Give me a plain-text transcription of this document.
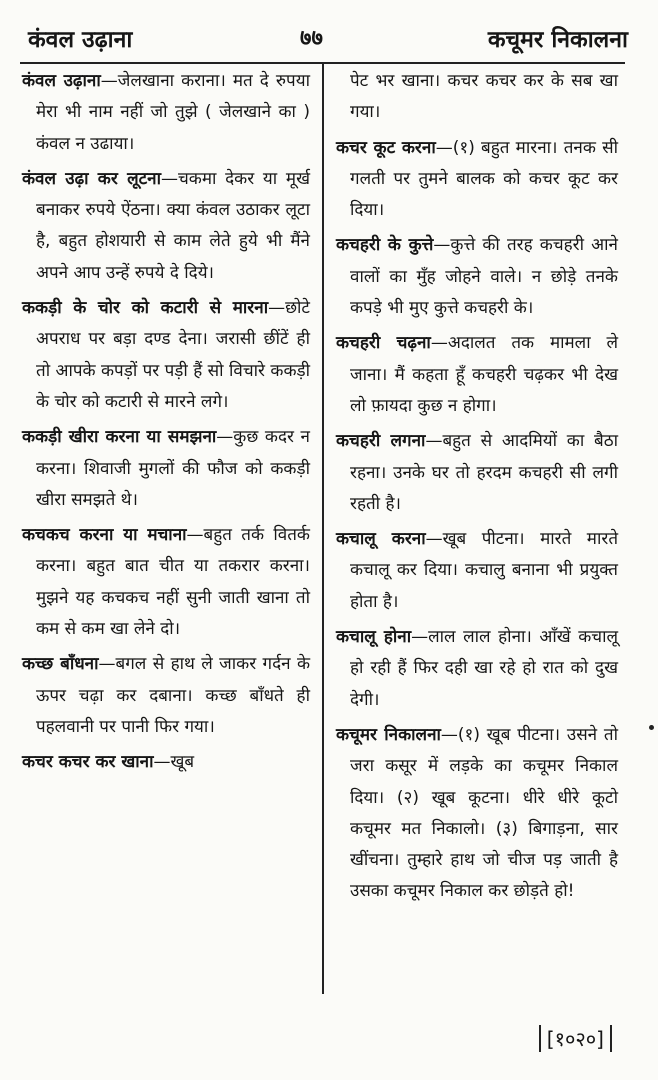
कंवल उढ़ाना	७७	कचूमर निकालना

कंवल उढ़ाना—जेलखाना कराना। मत दे रुपया मेरा भी नाम नहीं जो तुझे ( जेलखाने का ) कंवल न उढाया।

कंवल उढ़ा कर लूटना—चकमा देकर या मूर्ख बनाकर रुपये ऐंठना। क्या कंवल उठाकर लूटा है, बहुत होशयारी से काम लेते हुये भी मैंने अपने आप उन्हें रुपये दे दिये।

ककड़ी के चोर को कटारी से मारना—छोटे अपराध पर बड़ा दण्ड देना। जरासी छींटें ही तो आपके कपड़ों पर पड़ी हैं सो विचारे ककड़ी के चोर को कटारी से मारने लगे।

ककड़ी खीरा करना या समझना—कुछ कदर न करना। शिवाजी मुगलों की फौज को ककड़ी खीरा समझते थे।

कचकच करना या मचाना—बहुत तर्क वितर्क करना। बहुत बात चीत या तकरार करना। मुझने यह कचकच नहीं सुनी जाती खाना तो कम से कम खा लेने दो।

कच्छ बाँधना—बगल से हाथ ले जाकर गर्दन के ऊपर चढ़ा कर दबाना। कच्छ बाँधते ही पहलवानी पर पानी फिर गया।

कचर कचर कर खाना—खूब

पेट भर खाना। कचर कचर कर के सब खा गया।

कचर कूट करना—(१) बहुत मारना। तनक सी गलती पर तुमने बालक को कचर कूट कर दिया।

कचहरी के कुत्ते—कुत्ते की तरह कचहरी आने वालों का मुँह जोहने वाले। न छोड़े तनके कपड़े भी मुए कुत्ते कचहरी के।

कचहरी चढ़ना—अदालत तक मामला ले जाना। मैं कहता हूँ कचहरी चढ़कर भी देख लो फ़ायदा कुछ न होगा।

कचहरी लगना—बहुत से आदमियों का बैठा रहना। उनके घर तो हरदम कचहरी सी लगी रहती है।

कचालू करना—खूब पीटना। मारते मारते कचालू कर दिया। कचालु बनाना भी प्रयुक्त होता है।

कचालू होना—लाल लाल होना। आँखें कचालू हो रही हैं फिर दही खा रहे हो रात को दुख देगी।

कचूमर निकालना—(१) खूब पीटना। उसने तो जरा कसूर में लड़के का कचूमर निकाल दिया। (२) खूब कूटना। धीरे धीरे कूटो कचूमर मत निकालो। (३) बिगाड़ना, सार खींचना। तुम्हारे हाथ जो चीज पड़ जाती है उसका कचूमर निकाल कर छोड़ते हो!

[१०२०]
